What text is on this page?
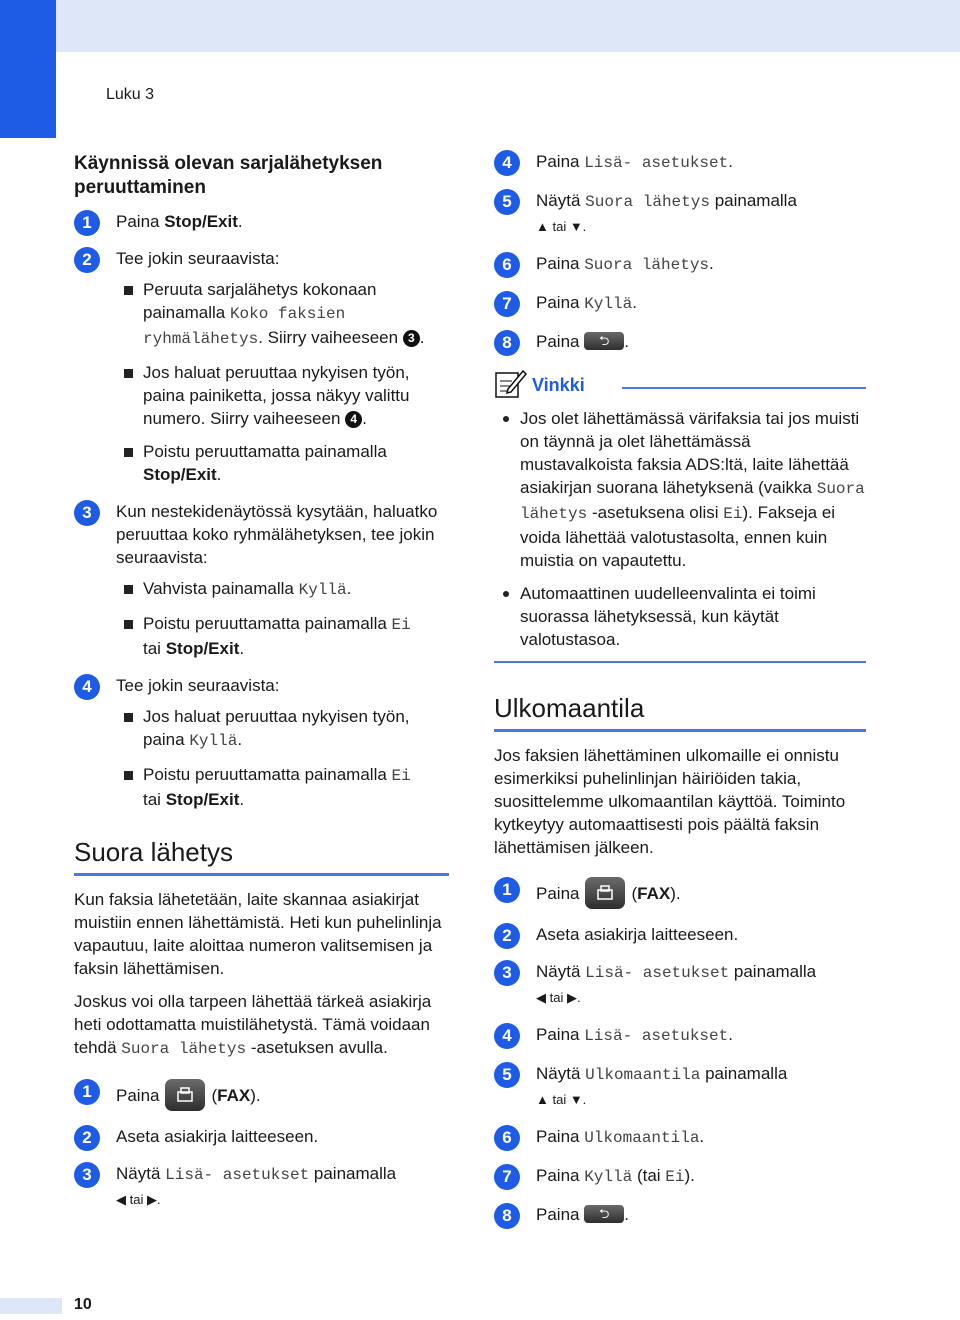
Luku 3
Käynnissä olevan sarjalähetyksen peruuttaminen
1	Paina Stop/Exit.
2	Tee jokin seuraavista:
Peruuta sarjalähetys kokonaan painamalla Koko faksien ryhmälähetys. Siirry vaiheeseen 3 .
Jos haluat peruuttaa nykyisen työn, paina painiketta, jossa näkyy valittu numero. Siirry vaiheeseen 4 .
Poistu peruuttamatta painamalla Stop/Exit.
3	Kun nestekidenäytössä kysytään, haluatko peruuttaa koko ryhmälähetyksen, tee jokin seuraavista:
Vahvista painamalla Kyllä.
Poistu peruuttamatta painamalla Ei
tai Stop/Exit.
4	Tee jokin seuraavista:
Jos haluat peruuttaa nykyisen työn, paina Kyllä.
Poistu peruuttamatta painamalla Ei
tai Stop/Exit.
Suora lähetys
Kun faksia lähetetään, laite skannaa asiakirjat muistiin ennen lähettämistä. Heti kun puhelinlinja vapautuu, laite aloittaa numeron valitsemisen ja faksin lähettämisen.
Joskus voi olla tarpeen lähettää tärkeä asiakirja heti odottamatta muistilähetystä. Tämä voidaan tehdä Suora lähetys -asetuksen avulla.
1	Paina	(FAX).
2	Aseta asiakirja laitteeseen.
3	Näytä Lisä- asetukset painamalla
◀ tai ▶.
4	Paina Lisä- asetukset.
5	Näytä Suora lähetys painamalla
▲ tai ▼.
6	Paina Suora lähetys.
7	Paina Kyllä.
8	Paina	⮌ .
Vinkki
Jos olet lähettämässä värifaksia tai jos muisti on täynnä ja olet lähettämässä mustavalkoista faksia ADS:ltä, laite lähettää asiakirjan suorana lähetyksenä (vaikka Suora lähetys -asetuksena olisi Ei). Fakseja ei voida lähettää valotustasolta, ennen kuin muistia on vapautettu.
Automaattinen uudelleenvalinta ei toimi suorassa lähetyksessä, kun käytät valotustasoa.
Ulkomaantila
Jos faksien lähettäminen ulkomaille ei onnistu esimerkiksi puhelinlinjan häiriöiden takia, suosittelemme ulkomaantilan käyttöä. Toiminto kytkeytyy automaattisesti pois päältä faksin lähettämisen jälkeen.
1	Paina	(FAX).
2	Aseta asiakirja laitteeseen.
3	Näytä Lisä- asetukset painamalla
◀ tai ▶.
4	Paina Lisä- asetukset.
5	Näytä Ulkomaantila painamalla
▲ tai ▼.
6	Paina Ulkomaantila.
7	Paina Kyllä (tai Ei).
8	Paina	⮌ .
10
